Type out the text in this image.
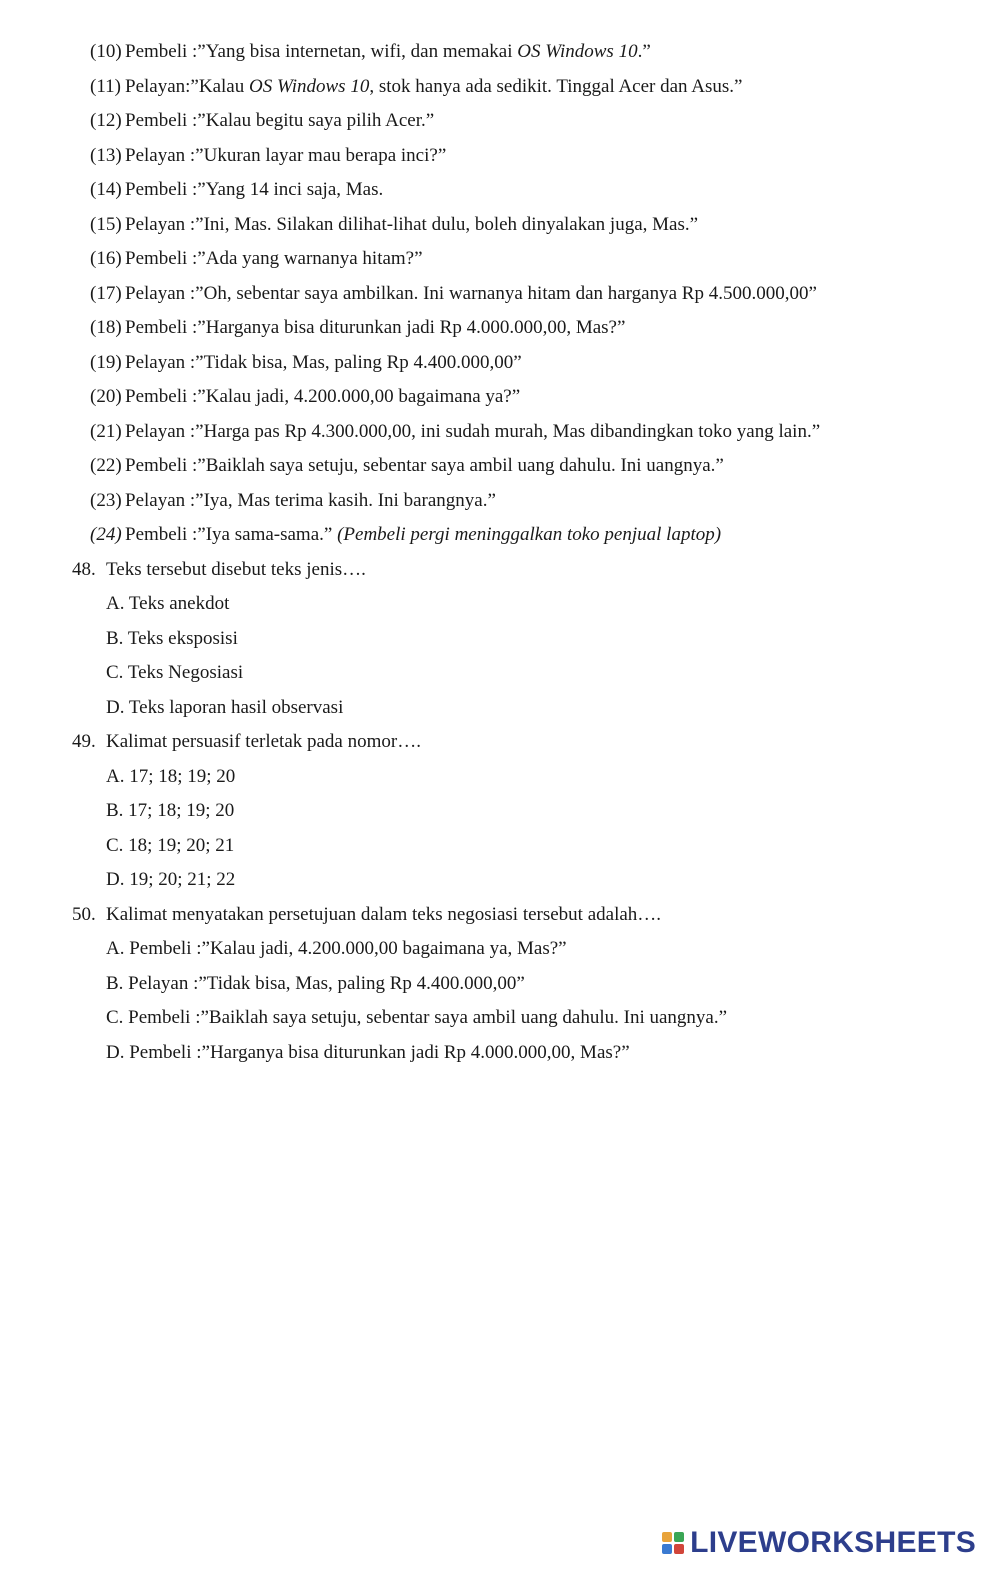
(10) Pembeli :”Yang bisa internetan, wifi, dan memakai OS Windows 10.”
(11) Pelayan:”Kalau OS Windows 10, stok hanya ada sedikit. Tinggal Acer dan Asus.”
(12) Pembeli :”Kalau begitu saya pilih Acer.”
(13) Pelayan :”Ukuran layar mau berapa inci?”
(14) Pembeli :”Yang 14 inci saja, Mas.
(15) Pelayan :”Ini, Mas. Silakan dilihat-lihat dulu, boleh dinyalakan juga, Mas.”
(16) Pembeli :”Ada yang warnanya hitam?”
(17) Pelayan :”Oh, sebentar saya ambilkan. Ini warnanya hitam dan harganya Rp 4.500.000,00”
(18) Pembeli :”Harganya bisa diturunkan jadi Rp 4.000.000,00, Mas?”
(19) Pelayan :”Tidak bisa, Mas, paling Rp 4.400.000,00”
(20) Pembeli :”Kalau jadi, 4.200.000,00 bagaimana ya?”
(21) Pelayan :”Harga pas Rp 4.300.000,00, ini sudah murah, Mas dibandingkan toko yang lain.”
(22) Pembeli :”Baiklah saya setuju, sebentar saya ambil uang dahulu. Ini uangnya.”
(23) Pelayan :”Iya, Mas terima kasih. Ini barangnya.”
(24) Pembeli :”Iya sama-sama.” (Pembeli pergi meninggalkan toko penjual laptop)
48. Teks tersebut disebut teks jenis….
A. Teks anekdot
B. Teks eksposisi
C. Teks Negosiasi
D. Teks laporan hasil observasi
49. Kalimat persuasif terletak pada nomor….
A. 17; 18; 19; 20
B. 17; 18; 19; 20
C. 18; 19; 20; 21
D. 19; 20; 21; 22
50. Kalimat menyatakan persetujuan dalam teks negosiasi tersebut adalah….
A. Pembeli :”Kalau jadi, 4.200.000,00 bagaimana ya, Mas?”
B. Pelayan :”Tidak bisa, Mas, paling Rp 4.400.000,00”
C. Pembeli :”Baiklah saya setuju, sebentar saya ambil uang dahulu. Ini uangnya.”
D. Pembeli :”Harganya bisa diturunkan jadi Rp 4.000.000,00, Mas?”
LIVEWORKSHEETS
